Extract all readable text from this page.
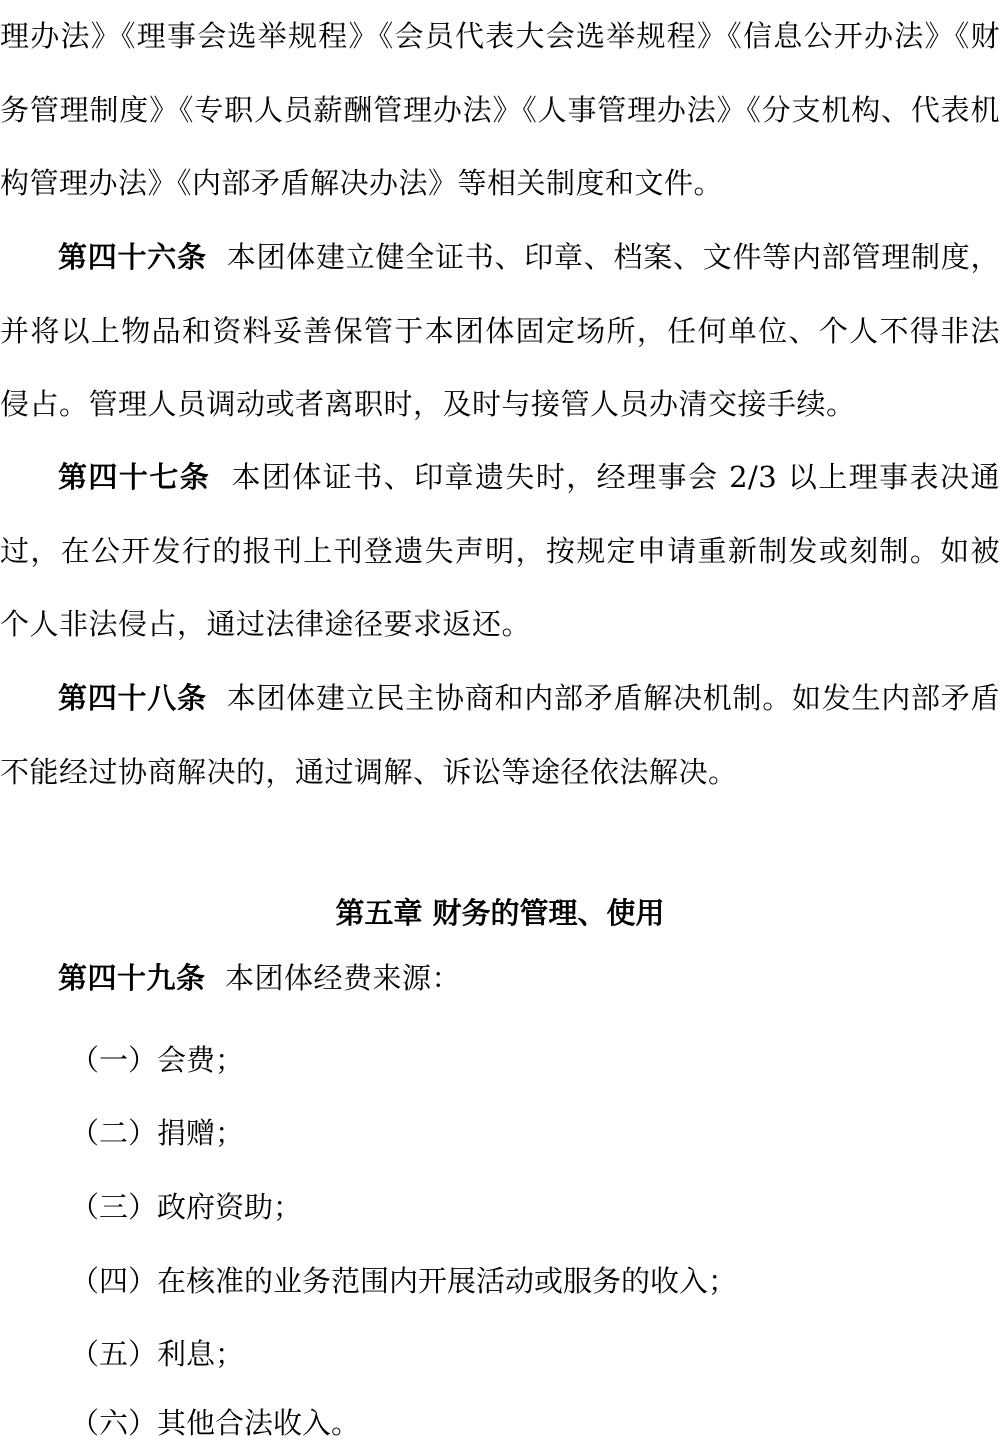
理办法》《理事会选举规程》《会员代表大会选举规程》《信息公开办法》《财务管理制度》《专职人员薪酬管理办法》《人事管理办法》《分支机构、代表机构管理办法》《内部矛盾解决办法》等相关制度和文件。

第四十六条 本团体建立健全证书、印章、档案、文件等内部管理制度，并将以上物品和资料妥善保管于本团体固定场所，任何单位、个人不得非法侵占。管理人员调动或者离职时，及时与接管人员办清交接手续。

第四十七条 本团体证书、印章遗失时，经理事会 2/3 以上理事表决通过，在公开发行的报刊上刊登遗失声明，按规定申请重新制发或刻制。如被个人非法侵占，通过法律途径要求返还。

第四十八条 本团体建立民主协商和内部矛盾解决机制。如发生内部矛盾不能经过协商解决的，通过调解、诉讼等途径依法解决。

第五章 财务的管理、使用

第四十九条 本团体经费来源：

（一）会费；

（二）捐赠；

（三）政府资助；

（四）在核准的业务范围内开展活动或服务的收入；

（五）利息；

（六）其他合法收入。
